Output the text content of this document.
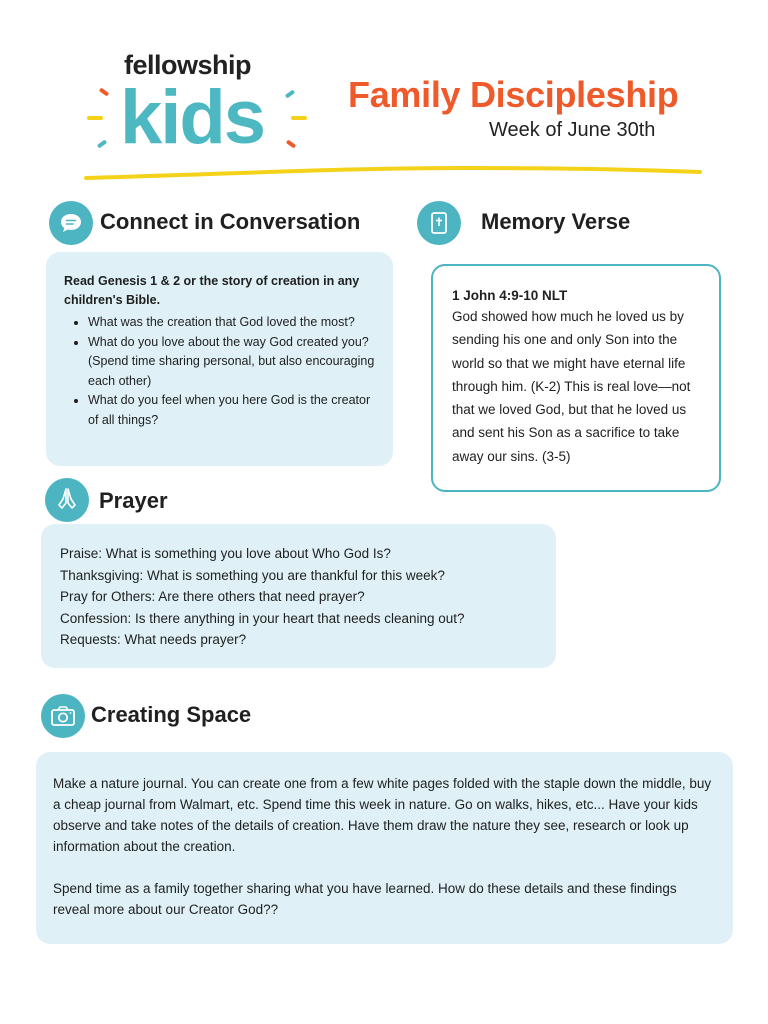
fellowship
kids Family Discipleship
Week of June 30th
Connect in Conversation

Read Genesis 1 & 2 or the story of creation in any children's Bible.

• What was the creation that God loved the most?
• What do you love about the way God created you? (Spend time sharing personal, but also encouraging each other)
• What do you feel when you here God is the creator of all things?
Memory Verse
1 John 4:9-10 NLT
God showed how much he loved us by sending his one and only Son into the world so that we might have eternal life through him. (K-2) This is real love—not that we loved God, but that he loved us and sent his Son as a sacrifice to take away our sins. (3-5)
Prayer
Praise: What is something you love about Who God Is?
Thanksgiving: What is something you are thankful for this week?
Pray for Others: Are there others that need prayer?
Confession: Is there anything in your heart that needs cleaning out?
Requests: What needs prayer?
Creating Space

Make a nature journal. You can create one from a few white pages folded with the staple down the middle, buy a cheap journal from Walmart, etc. Spend time this week in nature. Go on walks, hikes, etc... Have your kids observe and take notes of the details of creation. Have them draw the nature they see, research or look up information about the creation.

Spend time as a family together sharing what you have learned. How do these details and these findings reveal more about our Creator God??
